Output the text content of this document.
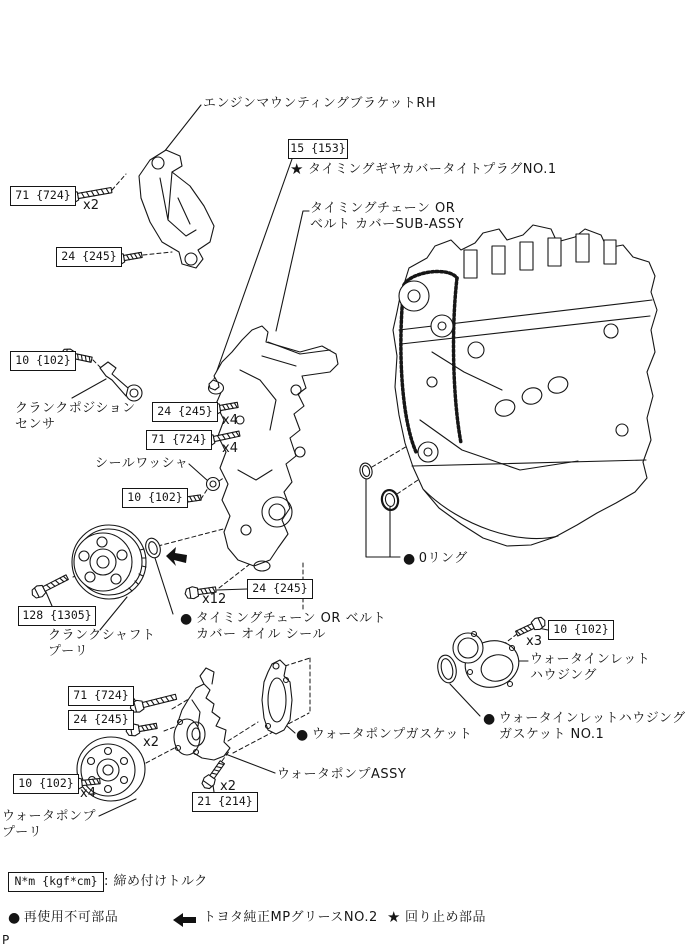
エンジンマウンティングブラケットRH
★ タイミングギヤカバータイトプラグNO.1
タイミングチェーン OR
ベルト カバーSUB-ASSY
クランクポジション
センサ
シールワッシャ
クランクシャフト
プーリ
● タイミングチェーン OR ベルト
カバー オイル シール
● 0リング
ウォータインレット
ハウジング
● ウォータインレットハウジング
ガスケット NO.1
● ウォータポンプガスケット
ウォータポンプASSY
ウォータポンプ
プーリ
71 {724}
24 {245}
15 {153}
10 {102}
24 {245}
71 {724}
10 {102}
128 {1305}
24 {245}
10 {102}
71 {724}
24 {245}
21 {214}
10 {102}
x2
x4
x4
x12
x3
x2
x2
x4
N*m {kgf*cm} : 締め付けトルク
● 再使用不可部品	トヨタ純正MPグリースNO.2 ★ 回り止め部品
P
